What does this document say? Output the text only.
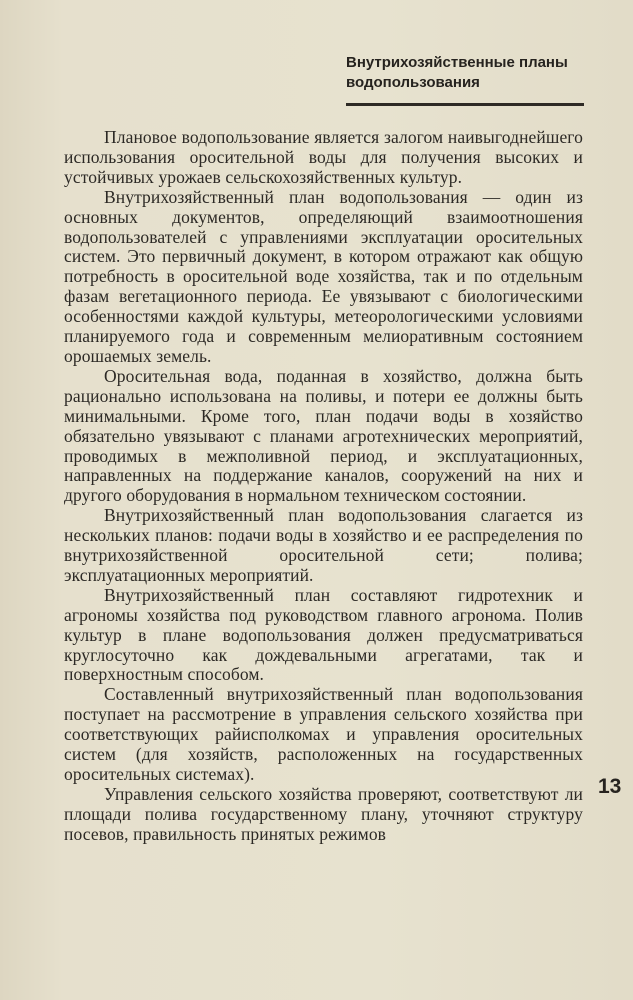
Внутрихозяйственные планы водопользования

Плановое водопользование является залогом наивыгоднейшего использования оросительной воды для получения высоких и устойчивых урожаев сельскохозяйственных культур.

Внутрихозяйственный план водопользования — один из основных документов, определяющий взаимоотношения водопользователей с управлениями эксплуатации оросительных систем. Это первичный документ, в котором отражают как общую потребность в оросительной воде хозяйства, так и по отдельным фазам вегетационного периода. Ее увязывают с биологическими особенностями каждой культуры, метеорологическими условиями планируемого года и современным мелиоративным состоянием орошаемых земель.

Оросительная вода, поданная в хозяйство, должна быть рационально использована на поливы, и потери ее должны быть минимальными. Кроме того, план подачи воды в хозяйство обязательно увязывают с планами агротехнических мероприятий, проводимых в межполивной период, и эксплуатационных, направленных на поддержание каналов, сооружений на них и другого оборудования в нормальном техническом состоянии.

Внутрихозяйственный план водопользования слагается из нескольких планов: подачи воды в хозяйство и ее распределения по внутрихозяйственной оросительной сети; полива; эксплуатационных мероприятий.

Внутрихозяйственный план составляют гидротехник и агрономы хозяйства под руководством главного агронома. Полив культур в плане водопользования должен предусматриваться круглосуточно как дождевальными агрегатами, так и поверхностным способом.

Составленный внутрихозяйственный план водопользования поступает на рассмотрение в управления сельского хозяйства при соответствующих райисполкомах и управления оросительных систем (для хозяйств, расположенных на государственных оросительных системах).

Управления сельского хозяйства проверяют, соответствуют ли площади полива государственному плану, уточняют структуру посевов, правильность принятых режимов

13
